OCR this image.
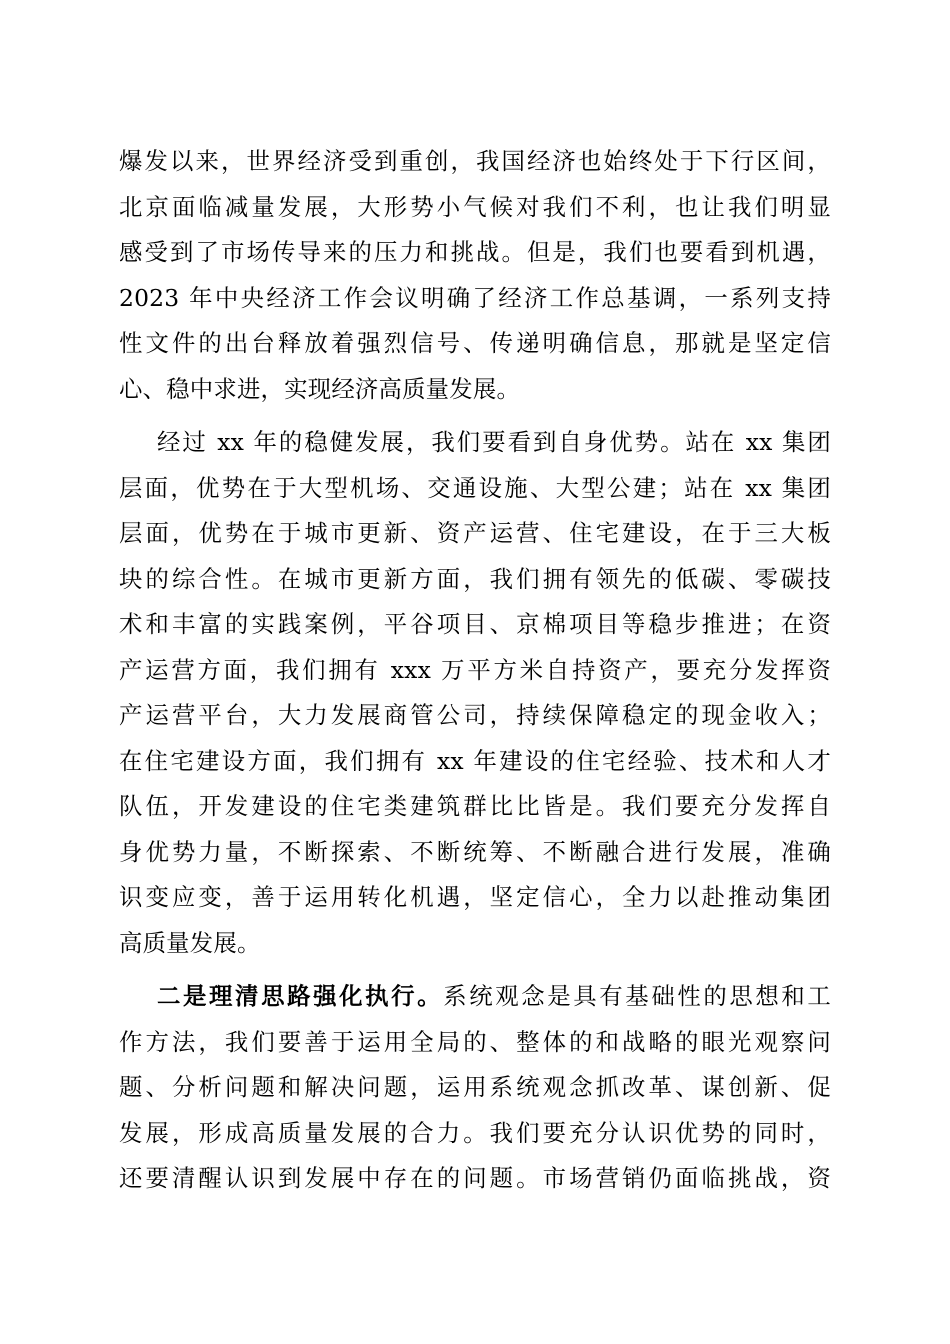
爆发以来，世界经济受到重创，我国经济也始终处于下行区间，
北京面临减量发展，大形势小气候对我们不利，也让我们明显
感受到了市场传导来的压力和挑战。但是，我们也要看到机遇，
2023 年中央经济工作会议明确了经济工作总基调，一系列支持
性文件的出台释放着强烈信号、传递明确信息，那就是坚定信
心、稳中求进，实现经济高质量发展。
经过 xx 年的稳健发展，我们要看到自身优势。站在 xx 集团
层面，优势在于大型机场、交通设施、大型公建；站在 xx 集团
层面，优势在于城市更新、资产运营、住宅建设，在于三大板
块的综合性。在城市更新方面，我们拥有领先的低碳、零碳技
术和丰富的实践案例，平谷项目、京棉项目等稳步推进；在资
产运营方面，我们拥有 xxx 万平方米自持资产，要充分发挥资
产运营平台，大力发展商管公司，持续保障稳定的现金收入；
在住宅建设方面，我们拥有 xx 年建设的住宅经验、技术和人才
队伍，开发建设的住宅类建筑群比比皆是。我们要充分发挥自
身优势力量，不断探索、不断统筹、不断融合进行发展，准确
识变应变，善于运用转化机遇，坚定信心，全力以赴推动集团
高质量发展。
二是理清思路强化执行。系统观念是具有基础性的思想和工
作方法，我们要善于运用全局的、整体的和战略的眼光观察问
题、分析问题和解决问题，运用系统观念抓改革、谋创新、促
发展，形成高质量发展的合力。我们要充分认识优势的同时，
还要清醒认识到发展中存在的问题。市场营销仍面临挑战，资
